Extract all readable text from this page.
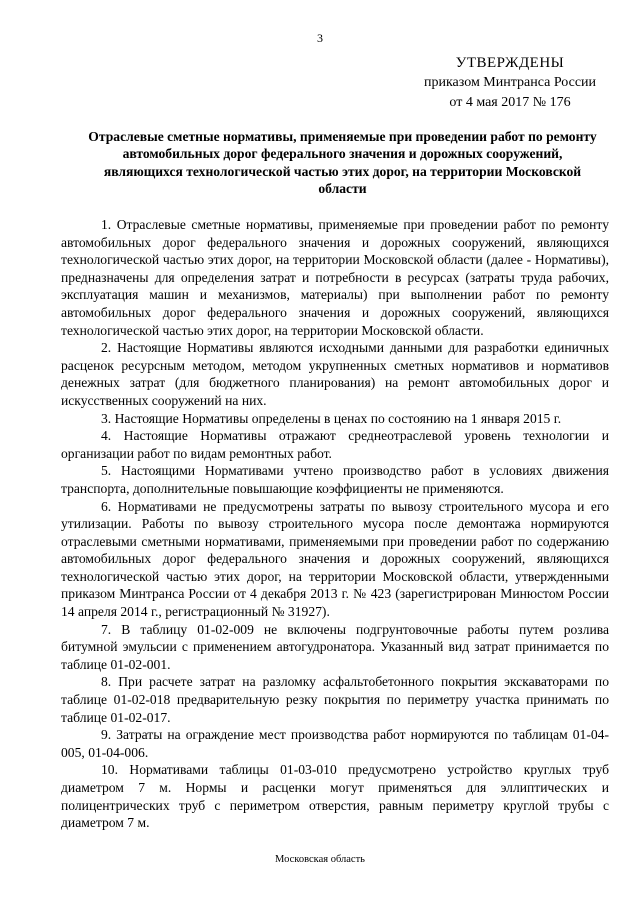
3
УТВЕРЖДЕНЫ
приказом Минтранса России
от 4 мая 2017 № 176
Отраслевые сметные нормативы, применяемые при проведении работ по ремонту автомобильных дорог федерального значения и дорожных сооружений, являющихся технологической частью этих дорог, на территории Московской области

1. Отраслевые сметные нормативы, применяемые при проведении работ по ремонту автомобильных дорог федерального значения и дорожных сооружений, являющихся технологической частью этих дорог, на территории Московской области (далее - Нормативы), предназначены для определения затрат и потребности в ресурсах (затраты труда рабочих, эксплуатация машин и механизмов, материалы) при выполнении работ по ремонту автомобильных дорог федерального значения и дорожных сооружений, являющихся технологической частью этих дорог, на территории Московской области.

2. Настоящие Нормативы являются исходными данными для разработки единичных расценок ресурсным методом, методом укрупненных сметных нормативов и нормативов денежных затрат (для бюджетного планирования) на ремонт автомобильных дорог и искусственных сооружений на них.

3. Настоящие Нормативы определены в ценах по состоянию на 1 января 2015 г.

4. Настоящие Нормативы отражают среднеотраслевой уровень технологии и организации работ по видам ремонтных работ.

5. Настоящими Нормативами учтено производство работ в условиях движения транспорта, дополнительные повышающие коэффициенты не применяются.

6. Нормативами не предусмотрены затраты по вывозу строительного мусора и его утилизации. Работы по вывозу строительного мусора после демонтажа нормируются отраслевыми сметными нормативами, применяемыми при проведении работ по содержанию автомобильных дорог федерального значения и дорожных сооружений, являющихся технологической частью этих дорог, на территории Московской области, утвержденными приказом Минтранса России от 4 декабря 2013 г. № 423 (зарегистрирован Минюстом России 14 апреля 2014 г., регистрационный № 31927).

7. В таблицу 01-02-009 не включены подгрунтовочные работы путем розлива битумной эмульсии с применением автогудронатора. Указанный вид затрат принимается по таблице 01-02-001.

8. При расчете затрат на разломку асфальтобетонного покрытия экскаваторами по таблице 01-02-018 предварительную резку покрытия по периметру участка принимать по таблице 01-02-017.

9. Затраты на ограждение мест производства работ нормируются по таблицам 01-04-005, 01-04-006.

10. Нормативами таблицы 01-03-010 предусмотрено устройство круглых труб диаметром 7 м. Нормы и расценки могут применяться для эллиптических и полицентрических труб с периметром отверстия, равным периметру круглой трубы с диаметром 7 м.

Московская область
